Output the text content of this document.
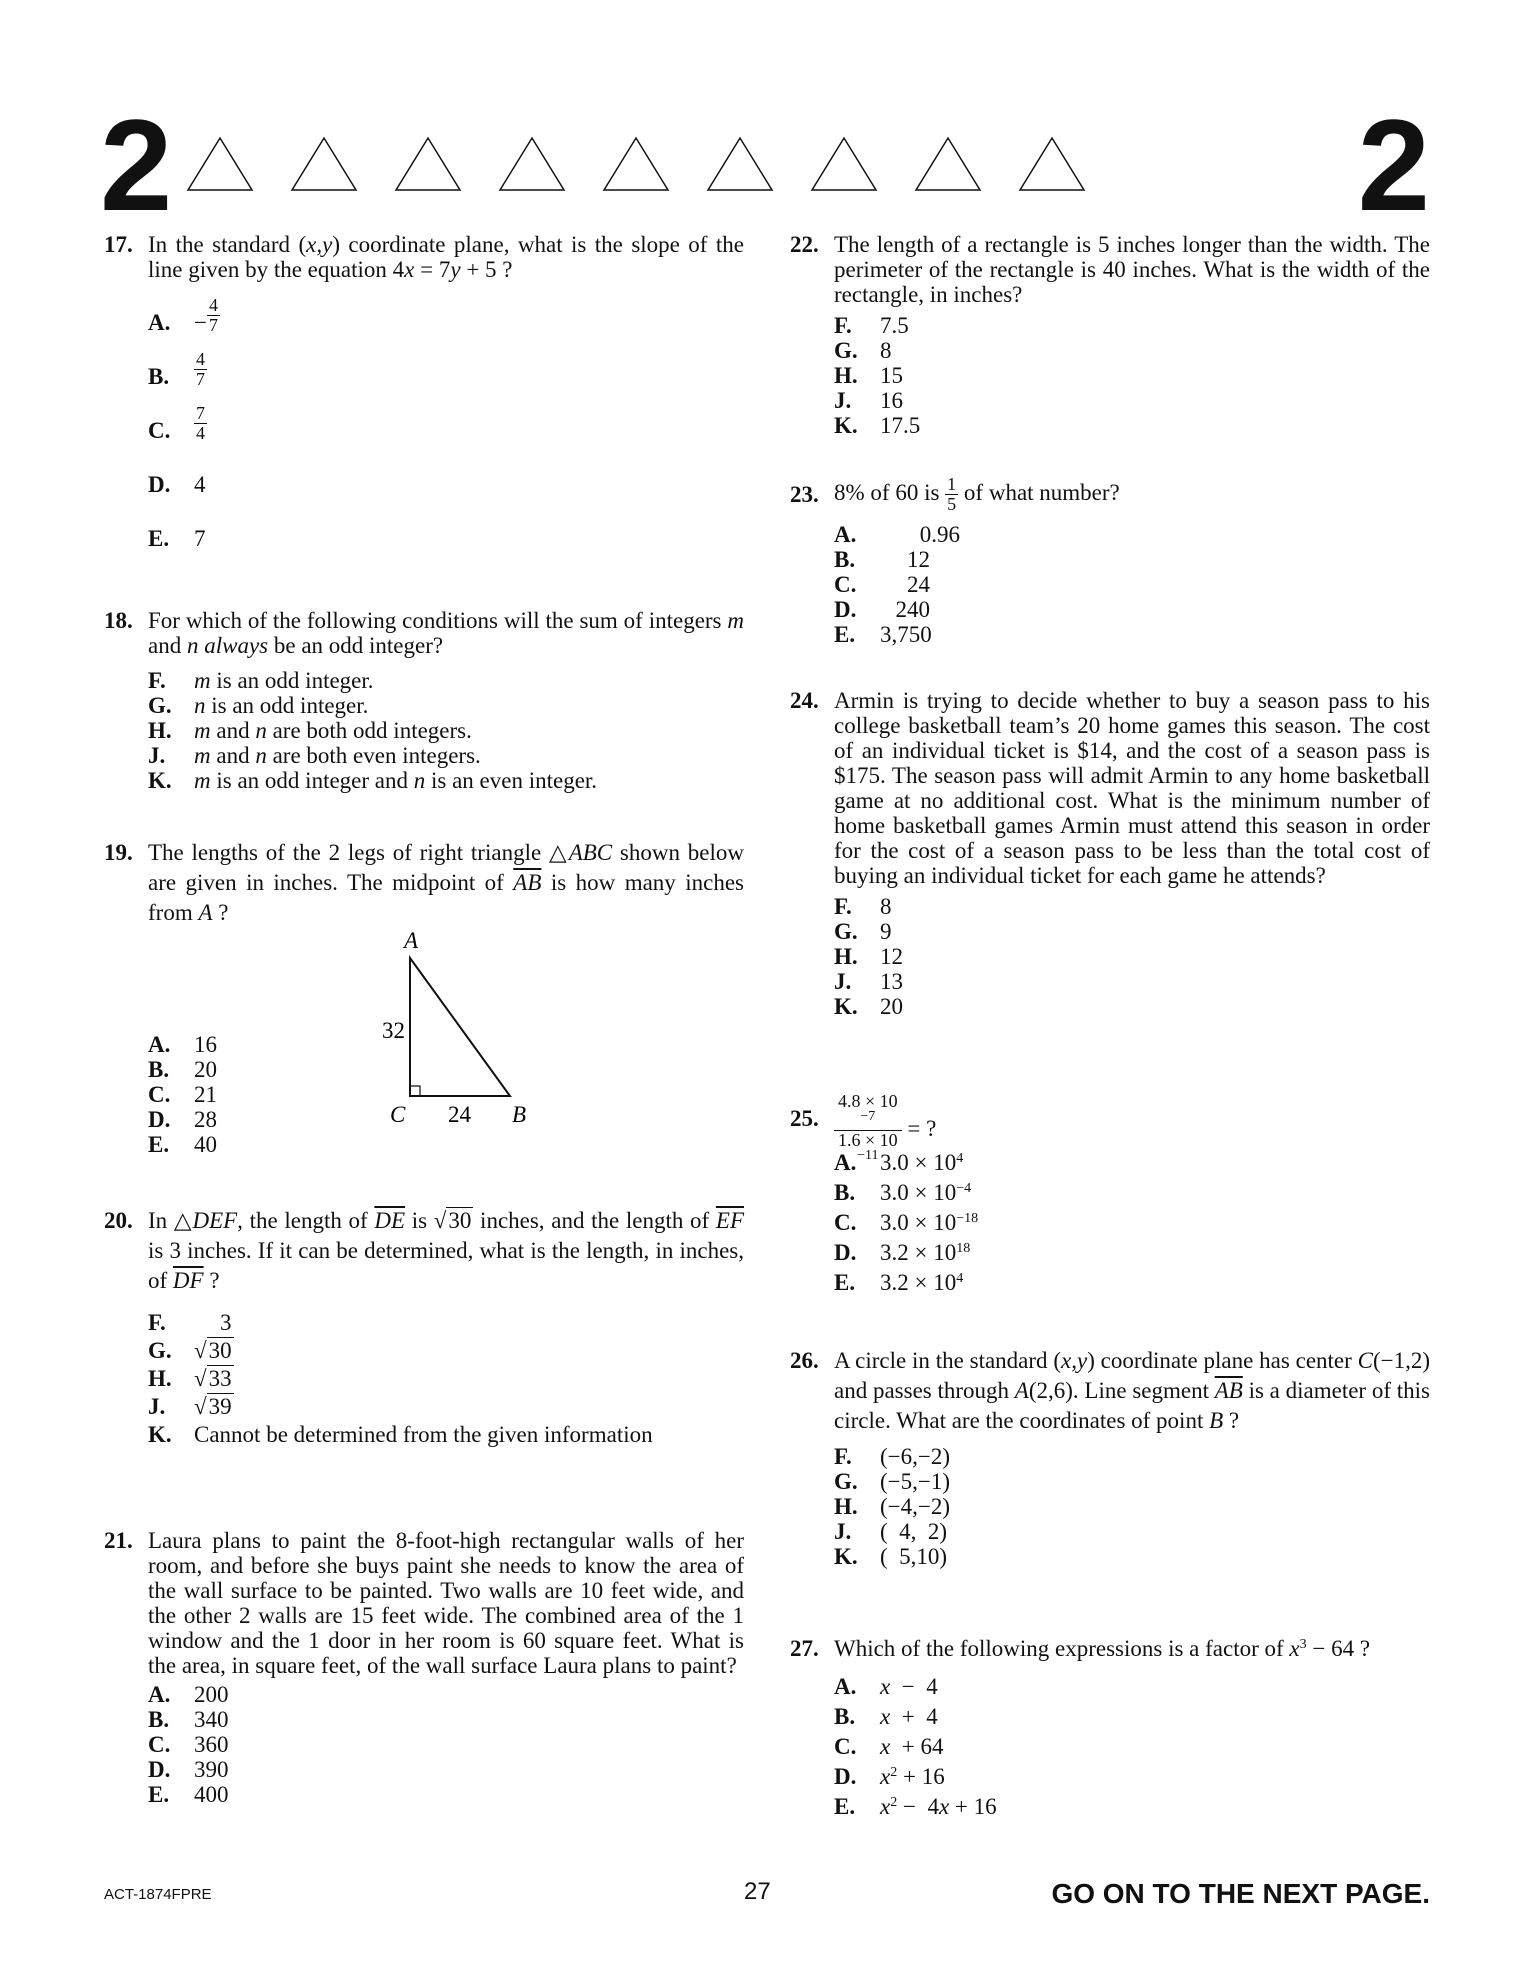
2	2
17. In the standard (x,y) coordinate plane, what is the slope of the line given by the equation 4x = 7y + 5 ?
A.	− $\frac{4}{7}$
B.	$\frac{4}{7}$
C.	$\frac{7}{4}$
D.	4
E.	7
18. For which of the following conditions will the sum of integers m and n always be an odd integer?
F.	m is an odd integer.
G. n is an odd integer.
H. m and n are both odd integers.
J.	m and n are both even integers.
K. m is an odd integer and n is an even integer.
19. The lengths of the 2 legs of right triangle △ABC shown below are given in inches. The midpoint of $\overline{AB}$ is how many inches from A ?
A
C	B
32
24
A.	16
B.	20
C.	21
D.	28
E.	40
20. In △DEF, the length of $\overline{DE}$ is √30 inches, and the length of $\overline{EF}$ is 3 inches. If it can be determined, what is the length, in inches, of $\overline{DF}$ ?
F.	3
G. √30
H. √33
J.	√39
K. Cannot be determined from the given information
21. Laura plans to paint the 8-foot-high rectangular walls of her room, and before she buys paint she needs to know the area of the wall surface to be painted. Two walls are 10 feet wide, and the other 2 walls are 15 feet wide. The combined area of the 1 window and the 1 door in her room is 60 square feet. What is the area, in square feet, of the wall surface Laura plans to paint?
A.	200
B.	340
C.	360
D.	390
E.	400
22. The length of a rectangle is 5 inches longer than the width. The perimeter of the rectangle is 40 inches. What is the width of the rectangle, in inches?
F.	7.5
G. 8
H. 15
J.	16
K. 17.5
23. 8% of 60 is $\frac{1}{5}$ of what number?
A.	0.96
B.	12
C.	24
D.	240
E.	3,750
24. Armin is trying to decide whether to buy a season pass to his college basketball team’s 20 home games this season. The cost of an individual ticket is $14, and the cost of a season pass is $175. The season pass will admit Armin to any home basketball game at no additional cost. What is the minimum number of home basketball games Armin must attend this season in order for the cost of a season pass to be less than the total cost of buying an individual ticket for each game he attends?
F.	8
G. 9
H. 12
J.	13
K. 20
25. 4.8 × 10
$^{-7}$
1.6 × 10
$^{-11}$ = ?
A.	$3.0 \times 10^4$
B.	$3.0 \times 10^{-4}$
C.	$3.0 \times 10^{-18}$
D.	$3.2 \times 10^{18}$
E.	$3.2 \times 10^4$
26. A circle in the standard (x,y) coordinate plane has center C(−1,2) and passes through A(2,6). Line segment $\overline{AB}$ is a diameter of this circle. What are the coordinates of point B ?
F.	(−6,−2)
G. (−5,−1)
H. (−4,−2)
J.	(  4,  2)
K. (  5,10)
27. Which of the following expressions is a factor of $x^3 - 64$ ?
A.	x  −  4
B.	x  +  4
C.	x  + 64
D.	$x^2 + 16$
E.	$x^2 - 4x + 16$
ACT-1874FPRE	27	GO ON TO THE NEXT PAGE.
